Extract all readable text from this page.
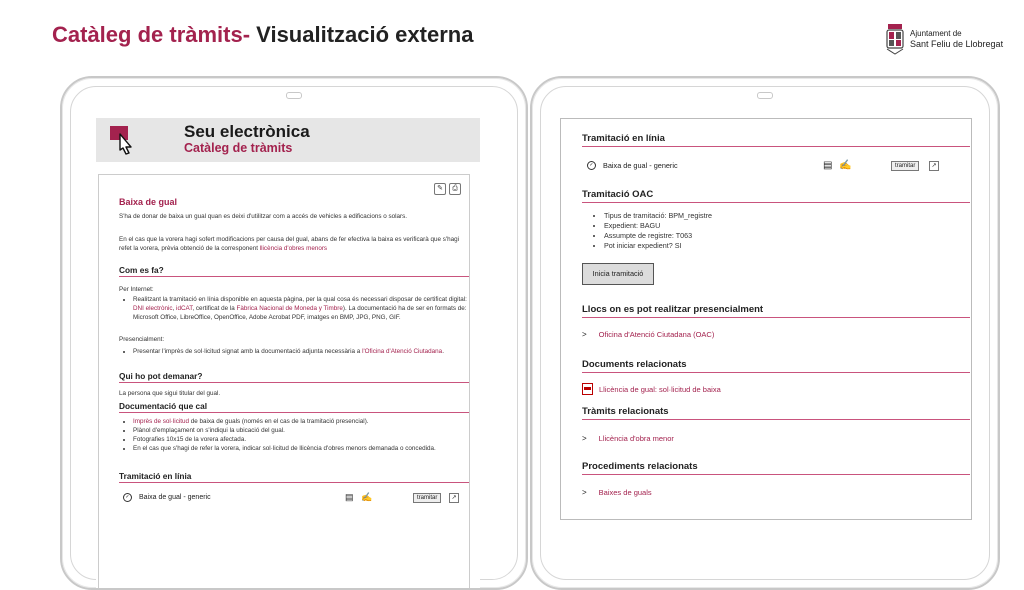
Catàleg de tràmits- Visualització externa	Ajuntament de
Sant Feliu de Llobregat
Seu electrònica
Catàleg de tràmits
✎	⎙
Baixa de gual
S'ha de donar de baixa un gual quan es deixi d'utilitzar com a accés de vehicles a edificacions o solars.
En el cas que la vorera hagi sofert modificacions per causa del gual, abans de fer efectiva la baixa es verificarà que s'hagi refet la vorera, prèvia obtenció de la corresponent llicència d'obres menors
Com es fa?
Per Internet:
• Realitzant la tramitació en línia disponible en aquesta pàgina, per la qual cosa és necessari disposar de certificat digital: DNI electrònic, idCAT, certificat de la Fàbrica Nacional de Moneda y Timbre). La documentació ha de ser en formats de: Microsoft Office, LibreOffice, OpenOffice, Adobe Acrobat PDF, imatges en BMP, JPG, PNG, GIF.
Presencialment:
• Presentar l'imprès de sol·licitud signat amb la documentació adjunta necessària a l'Oficina d'Atenció Ciutadana.
Qui ho pot demanar?
La persona que sigui titular del gual.
Documentació que cal
• Imprès de sol·licitud de baixa de guals (només en el cas de la tramitació presencial).
• Plànol d'emplaçament on s'indiqui la ubicació del gual.
• Fotografies 10x15 de la vorera afectada.
• En el cas que s'hagi de refer la vorera, indicar sol·licitud de llicència d'obres menors demanada o concedida.
Tramitació en línia
✓	Baixa de gual - generic	▤ ✍	tramitar	↗
Tramitació en línia
✓	Baixa de gual - generic	▤ ✍	tramitar	↗
Tramitació OAC
• Tipus de tramitació: BPM_registre
• Expedient: BAGU
• Assumpte de registre: T063
• Pot iniciar expedient? SI
Inicia tramitació
Llocs on es pot realitzar presencialment
> Oficina d'Atenció Ciutadana (OAC)
Documents relacionats
Llicència de gual: sol·licitud de baixa
Tràmits relacionats
> Llicència d'obra menor
Procediments relacionats
> Baixes de guals
